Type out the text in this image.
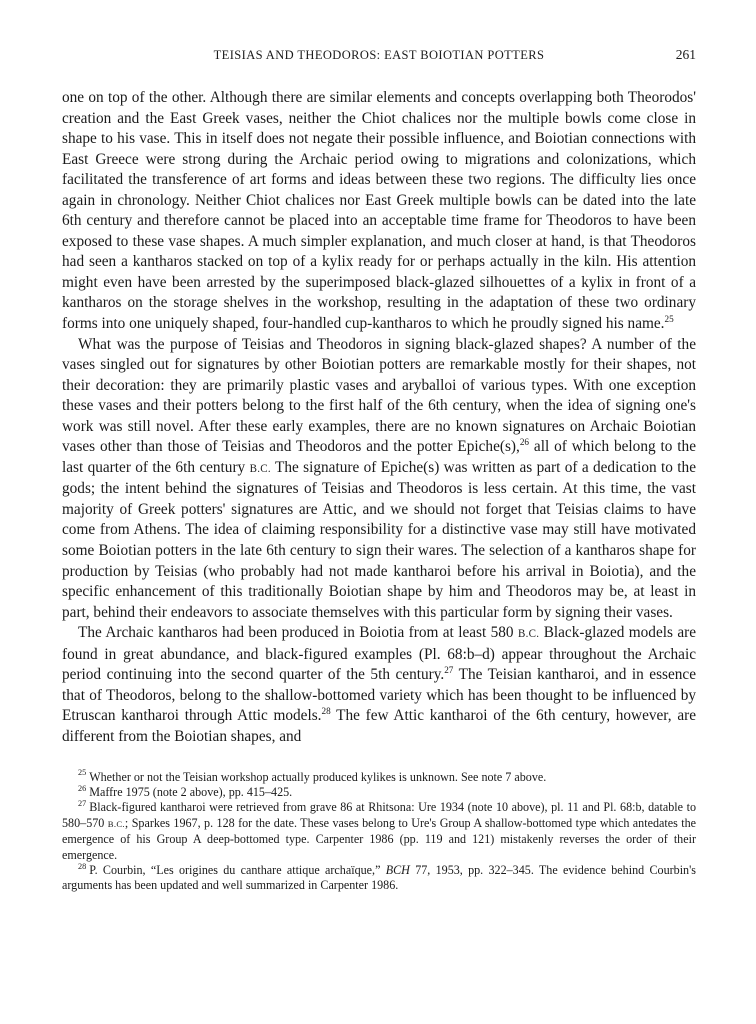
TEISIAS AND THEODOROS: EAST BOIOTIAN POTTERS	261

one on top of the other. Although there are similar elements and concepts overlapping both Theorodos' creation and the East Greek vases, neither the Chiot chalices nor the multiple bowls come close in shape to his vase. This in itself does not negate their possible influence, and Boiotian connections with East Greece were strong during the Archaic period owing to migrations and colonizations, which facilitated the transference of art forms and ideas between these two regions. The difficulty lies once again in chronology. Neither Chiot chalices nor East Greek multiple bowls can be dated into the late 6th century and therefore cannot be placed into an acceptable time frame for Theodoros to have been exposed to these vase shapes. A much simpler explanation, and much closer at hand, is that Theodoros had seen a kantharos stacked on top of a kylix ready for or perhaps actually in the kiln. His attention might even have been arrested by the superimposed black-glazed silhouettes of a kylix in front of a kantharos on the storage shelves in the workshop, resulting in the adaptation of these two ordinary forms into one uniquely shaped, four-handled cup-kantharos to which he proudly signed his name.$^{25}$

What was the purpose of Teisias and Theodoros in signing black-glazed shapes? A number of the vases singled out for signatures by other Boiotian potters are remarkable mostly for their shapes, not their decoration: they are primarily plastic vases and aryballoi of various types. With one exception these vases and their potters belong to the first half of the 6th century, when the idea of signing one's work was still novel. After these early examples, there are no known signatures on Archaic Boiotian vases other than those of Teisias and Theodoros and the potter Epiche(s),$^{26}$ all of which belong to the last quarter of the 6th century B.C. The signature of Epiche(s) was written as part of a dedication to the gods; the intent behind the signatures of Teisias and Theodoros is less certain. At this time, the vast majority of Greek potters' signatures are Attic, and we should not forget that Teisias claims to have come from Athens. The idea of claiming responsibility for a distinctive vase may still have motivated some Boiotian potters in the late 6th century to sign their wares. The selection of a kantharos shape for production by Teisias (who probably had not made kantharoi before his arrival in Boiotia), and the specific enhancement of this traditionally Boiotian shape by him and Theodoros may be, at least in part, behind their endeavors to associate themselves with this particular form by signing their vases.

The Archaic kantharos had been produced in Boiotia from at least 580 B.C. Black-glazed models are found in great abundance, and black-figured examples (Pl. 68:b–d) appear throughout the Archaic period continuing into the second quarter of the 5th century.$^{27}$ The Teisian kantharoi, and in essence that of Theodoros, belong to the shallow-bottomed variety which has been thought to be influenced by Etruscan kantharoi through Attic models.$^{28}$ The few Attic kantharoi of the 6th century, however, are different from the Boiotian shapes, and

$^{25}$ Whether or not the Teisian workshop actually produced kylikes is unknown. See note 7 above.

$^{26}$ Maffre 1975 (note 2 above), pp. 415–425.

$^{27}$ Black-figured kantharoi were retrieved from grave 86 at Rhitsona: Ure 1934 (note 10 above), pl. 11 and Pl. 68:b, datable to 580–570 B.C.; Sparkes 1967, p. 128 for the date. These vases belong to Ure's Group A shallow-bottomed type which antedates the emergence of his Group A deep-bottomed type. Carpenter 1986 (pp. 119 and 121) mistakenly reverses the order of their emergence.

$^{28}$ P. Courbin, “Les origines du canthare attique archaïque,” BCH 77, 1953, pp. 322–345. The evidence behind Courbin's arguments has been updated and well summarized in Carpenter 1986.
